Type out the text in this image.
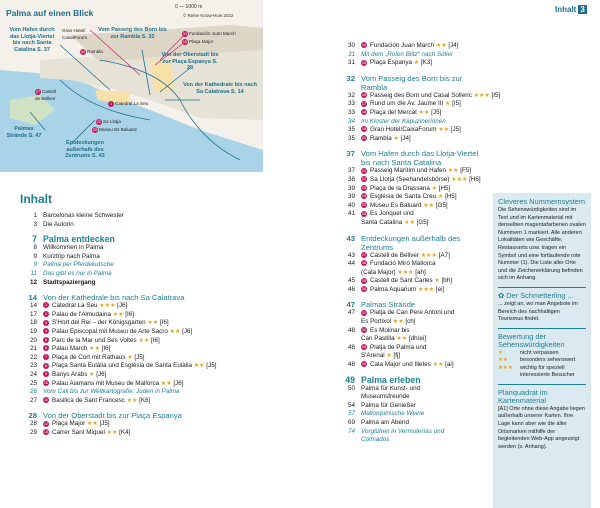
Palma auf einen Blick
0 — 1000 m
© Reise Know-How 2022
Vom Hafen durch das Llotja-Viertel bis nach Santa Catalina S. 37
Vom Passeig des Born bis zur Rambla S. 32
Von der Oberstadt bis zur Plaça Espanya S. 28
Von der Kathedrale bis nach Sa Calatrava S. 14
Palmas Strände S. 47
Entdeckungen außerhalb des Zentrums S. 43
31 Fundación Juan March
15 Plaça Major
Gran Hotel/ CaixaForum
32 Rambla
27 Castell de Bellver
1 Catedral La Seu
22 Sa Llotja
25 Museu Es Baluard
Inhalt 3
Inhalt
1 Barcelonas kleine Schwester
3 Die Autorin
7 Palma entdecken
8 Willkommen in Palma
9 Kurztrip nach Palma
9 Palma per Pferdekutsche
11 Das gibt es nur in Palma
12 Stadtspaziergang
14 Von der Kathedrale bis nach Sa Calatrava
14	1 Catedral La Seu ★★★ [J6]
17	2 Palau de l'Almudaina ★★ [I6]
18	3 S'Hort del Rei – der Königsgarten ★★ [I6]
19	4 Palau Episcopal mit Museu de Arte Sacro ★★ [J6]
20	5 Parc de la Mar und Ses Voltes ★★ [I6]
21	6 Palau March ★★ [I6]
22	7 Plaça de Cort mit Rathaus ★ [J5]
23	8 Plaça Santa Eulàlia und Església de Santa Eulàlia ★★ [J5]
24	9 Banys Arabs ★ [J6]
25 10 Palau Aiamans mit Museu de Mallorca ★★ [J6]
26 Vom Call bis zur Weltkartografie: Juden in Palma
27 11 Basilica de Sant Francesc ★★ [K6]
28 Von der Oberstadt bis zur Plaça Espanya
28 12 Plaça Major ★★ [J5]
29 13 Carrer Sant Miquel ★★ [K4]
30 14 Fundación Juan March ★★ [J4]
31 Mit dem „Roten Blitz“ nach Sóller
31 15 Plaça Espanya ★ [K3]
32 Vom Passeig des Born bis zur Rambla
32 16 Passeig des Born und Casal Solleric ★★★ [I5]
33 17 Rund um die Av. Jaume III ★ [I5]
33 18 Plaça del Mercat ★★ [J5]
34 Im Kloster der Kapuzinerinnen
35 19 Gran Hotel/CaixaForum ★★ [J5]
35 20 Rambla ★ [J4]
37 Vom Hafen durch das Llotja-Viertel bis nach Santa Catalina
37 21 Passeig Marítim und Hafen ★★ [F5]
38 22 Sa Llotja (Seehandelsbörse) ★★★ [H6]
39 23 Plaça de la Drassana ★ [H5]
39 24 Església de Santa Creu ★ [H5]
40 25 Museu Es Baluard ★★ [G5]
41 26 Es Jonquet und
Santa Catalina ★★ [G5]
43 Entdeckungen außerhalb des Zentrums
43 27 Castell de Bellver ★★★ [A7]
44 28 Fundació Miró Mallorca
(Cala Major) ★★★ [ah]
45 29 Castell de Sant Carles ★ [bh]
46 30 Palma Aquarium ★★★ [ei]
47 Palmas Strände
47 31 Platja de Can Pere Antoni und
Es Portixol ★★ [ch]
48 32 Es Molinar bis
Can Pastilla ★★ [dh/ei]
48 33 Platja de Palma und
S'Arenal ★ [fj]
48 34 Cala Major und Illetes ★★ [ai]
49 Palma erleben
50 Palma für Kunst- und
Museumsfreunde
54 Palma für Genießer
57 Mallorquinische Weine
69 Palma am Abend
74 Vorglühen in Vermuterías und
Colmados
Cleveres Nummernsystem

Die Sehenswürdigkeiten sind im Text und im Kartenmaterial mit denselben magentafarbenen ovalen Nummern 1 markiert. Alle anderen Lokalitäten wie Geschäfte, Restaurants usw. tragen ein Symbol und eine fortlaufende rote Nummer (1). Die Liste aller Orte und die Zeichenerklärung befinden sich im Anhang.

✿ Der Schmetterling ...

... zeigt an, wo man Angebote im Bereich des nachhaltigen Tourismus findet.

Bewertung der Sehenswürdigkeiten
★	nicht verpassen
★★	besonders sehenswert
★★★	wichtig für speziell interessierte Besucher
Planquadrat im Kartenmaterial

[A1] Orte ohne diese Angabe liegen außerhalb unserer Karten. Ihre Lage kann aber wie die aller Ortsmarken mithilfe der begleitenden Web-App angezeigt werden (s. Anhang).
